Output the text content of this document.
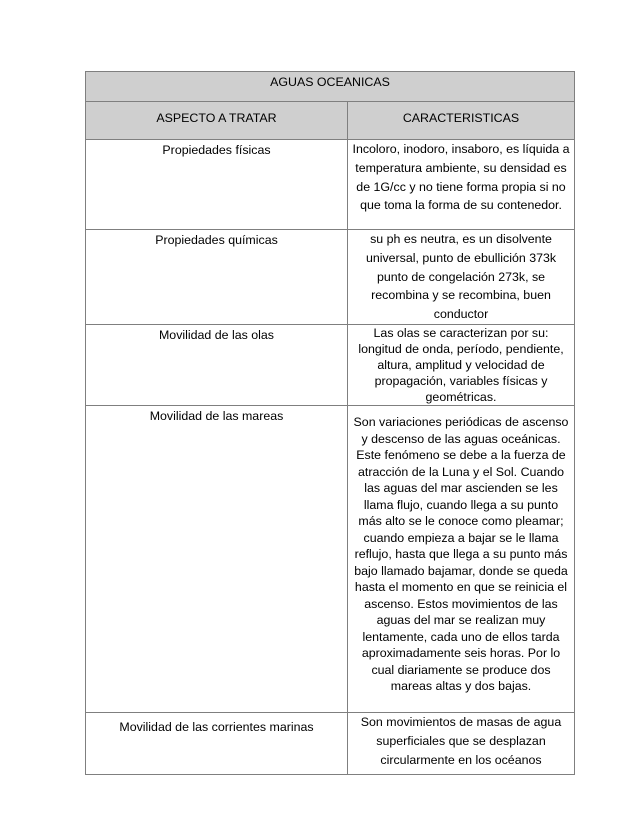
AGUAS OCEANICAS	
ASPECTO A TRATAR	CARACTERISTICAS
Propiedades físicas	Incoloro, inodoro, insaboro, es líquida a temperatura ambiente, su densidad es de 1G/cc y no tiene forma propia si no que toma la forma de su contenedor.
Propiedades químicas	su ph es neutra, es un disolvente universal, punto de ebullición 373k punto de congelación 273k, se recombina y se recombina, buen conductor
Movilidad de las olas	Las olas se caracterizan por su: longitud de onda, período, pendiente, altura, amplitud y velocidad de propagación, variables físicas y geométricas.
Movilidad de las mareas	Son variaciones periódicas de ascenso y descenso de las aguas oceánicas. Este fenómeno se debe a la fuerza de atracción de la Luna y el Sol. Cuando las aguas del mar ascienden se les llama flujo, cuando llega a su punto más alto se le conoce como pleamar; cuando empieza a bajar se le llama reflujo, hasta que llega a su punto más bajo llamado bajamar, donde se queda hasta el momento en que se reinicia el ascenso. Estos movimientos de las aguas del mar se realizan muy lentamente, cada uno de ellos tarda aproximadamente seis horas. Por lo cual diariamente se produce dos mareas altas y dos bajas.
Movilidad de las corrientes marinas	Son movimientos de masas de agua superficiales que se desplazan circularmente en los océanos
